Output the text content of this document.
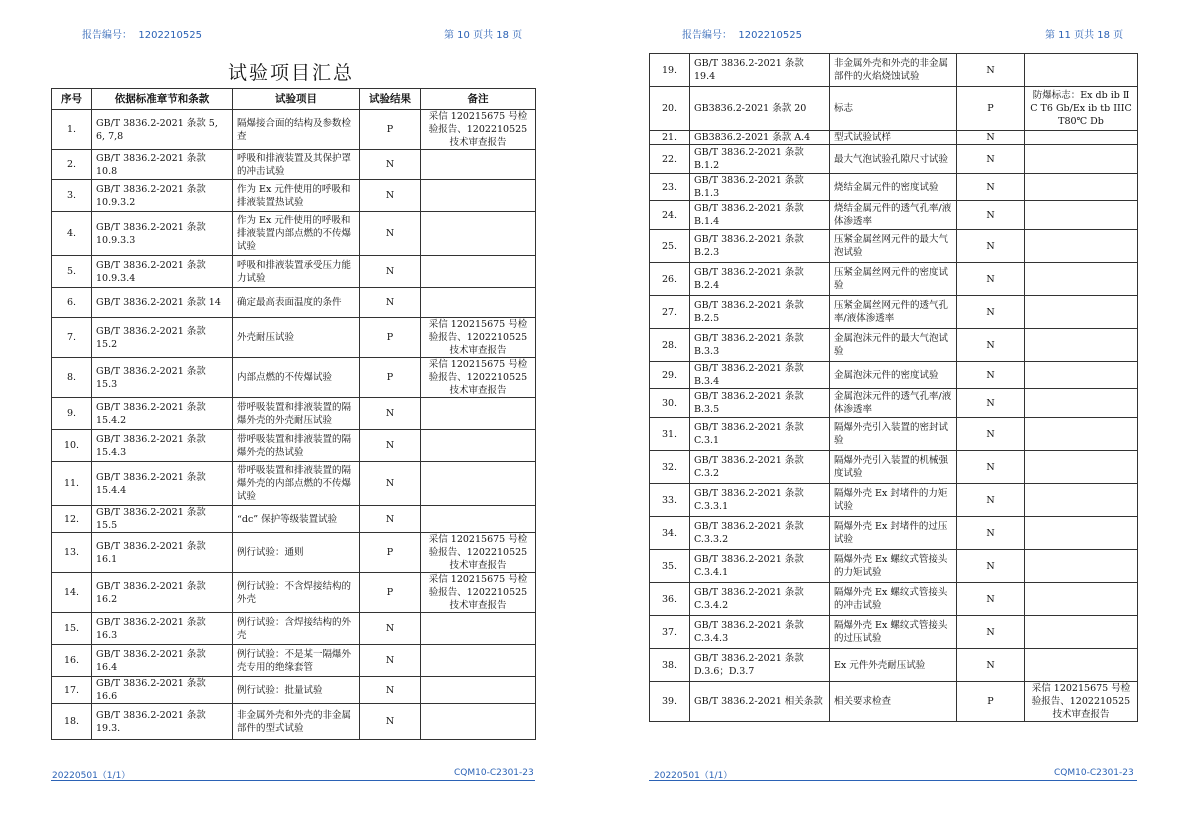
报告编号： 1202210525	第 10 页共 18 页
试验项目汇总
序号	依据标准章节和条款	试验项目	试验结果	备注
1.	GB/T 3836.2-2021 条款 5, 6, 7,8	隔爆接合面的结构及参数检查	P	采信 120215675 号检验报告、1202210525 技术审查报告
2.	GB/T 3836.2-2021 条款 10.8	呼吸和排液装置及其保护罩的冲击试验	N	
3.	GB/T 3836.2-2021 条款 10.9.3.2	作为 Ex 元件使用的呼吸和排液装置热试验	N	
4.	GB/T 3836.2-2021 条款 10.9.3.3	作为 Ex 元件使用的呼吸和排液装置内部点燃的不传爆试验	N	
5.	GB/T 3836.2-2021 条款 10.9.3.4	呼吸和排液装置承受压力能力试验	N	
6.	GB/T 3836.2-2021 条款 14	确定最高表面温度的条件	N	
7.	GB/T 3836.2-2021 条款 15.2	外壳耐压试验	P	采信 120215675 号检验报告、1202210525 技术审查报告
8.	GB/T 3836.2-2021 条款 15.3	内部点燃的不传爆试验	P	采信 120215675 号检验报告、1202210525 技术审查报告
9.	GB/T 3836.2-2021 条款 15.4.2	带呼吸装置和排液装置的隔爆外壳的外壳耐压试验	N	
10.	GB/T 3836.2-2021 条款 15.4.3	带呼吸装置和排液装置的隔爆外壳的热试验	N	
11.	GB/T 3836.2-2021 条款 15.4.4	带呼吸装置和排液装置的隔爆外壳的内部点燃的不传爆试验	N	
12.	GB/T 3836.2-2021 条款 15.5	“dc” 保护等级装置试验	N	
13.	GB/T 3836.2-2021 条款 16.1	例行试验：通则	P	采信 120215675 号检验报告、1202210525 技术审查报告
14.	GB/T 3836.2-2021 条款 16.2	例行试验：不含焊接结构的外壳	P	采信 120215675 号检验报告、1202210525 技术审查报告
15.	GB/T 3836.2-2021 条款 16.3	例行试验：含焊接结构的外壳	N	
16.	GB/T 3836.2-2021 条款 16.4	例行试验：不是某一隔爆外壳专用的绝缘套管	N	
17.	GB/T 3836.2-2021 条款 16.6	例行试验：批量试验	N	
18.	GB/T 3836.2-2021 条款 19.3.	非金属外壳和外壳的非金属部件的型式试验	N	
20220501（1/1）	CQM10-C2301-23
报告编号： 1202210525	第 11 页共 18 页
19.	GB/T 3836.2-2021 条款 19.4	非金属外壳和外壳的非金属部件的火焰烧蚀试验	N	
20.	GB3836.2-2021 条款 20	标志	P	防爆标志：Ex db ib Ⅱ C T6 Gb/Ex ib tb IIIC T80℃ Db
21.	GB3836.2-2021 条款 A.4	型式试验试样	N	
22.	GB/T 3836.2-2021 条款 B.1.2	最大气泡试验孔隙尺寸试验	N	
23.	GB/T 3836.2-2021 条款 B.1.3	烧结金属元件的密度试验	N	
24.	GB/T 3836.2-2021 条款 B.1.4	烧结金属元件的透气孔率/液体渗透率	N	
25.	GB/T 3836.2-2021 条款 B.2.3	压紧金属丝网元件的最大气泡试验	N	
26.	GB/T 3836.2-2021 条款 B.2.4	压紧金属丝网元件的密度试验	N	
27.	GB/T 3836.2-2021 条款 B.2.5	压紧金属丝网元件的透气孔率/液体渗透率	N	
28.	GB/T 3836.2-2021 条款 B.3.3	金属泡沫元件的最大气泡试验	N	
29.	GB/T 3836.2-2021 条款 B.3.4	金属泡沫元件的密度试验	N	
30.	GB/T 3836.2-2021 条款 B.3.5	金属泡沫元件的透气孔率/液体渗透率	N	
31.	GB/T 3836.2-2021 条款 C.3.1	隔爆外壳引入装置的密封试验	N	
32.	GB/T 3836.2-2021 条款 C.3.2	隔爆外壳引入装置的机械强度试验	N	
33.	GB/T 3836.2-2021 条款 C.3.3.1	隔爆外壳 Ex 封堵件的力矩试验	N	
34.	GB/T 3836.2-2021 条款 C.3.3.2	隔爆外壳 Ex 封堵件的过压试验	N	
35.	GB/T 3836.2-2021 条款 C.3.4.1	隔爆外壳 Ex 螺纹式管接头的力矩试验	N	
36.	GB/T 3836.2-2021 条款 C.3.4.2	隔爆外壳 Ex 螺纹式管接头的冲击试验	N	
37.	GB/T 3836.2-2021 条款 C.3.4.3	隔爆外壳 Ex 螺纹式管接头的过压试验	N	
38.	GB/T 3836.2-2021 条款 D.3.6；D.3.7	Ex 元件外壳耐压试验	N	
39.	GB/T 3836.2-2021 相关条款	相关要求检查	P	采信 120215675 号检验报告、1202210525 技术审查报告
20220501（1/1）	CQM10-C2301-23
